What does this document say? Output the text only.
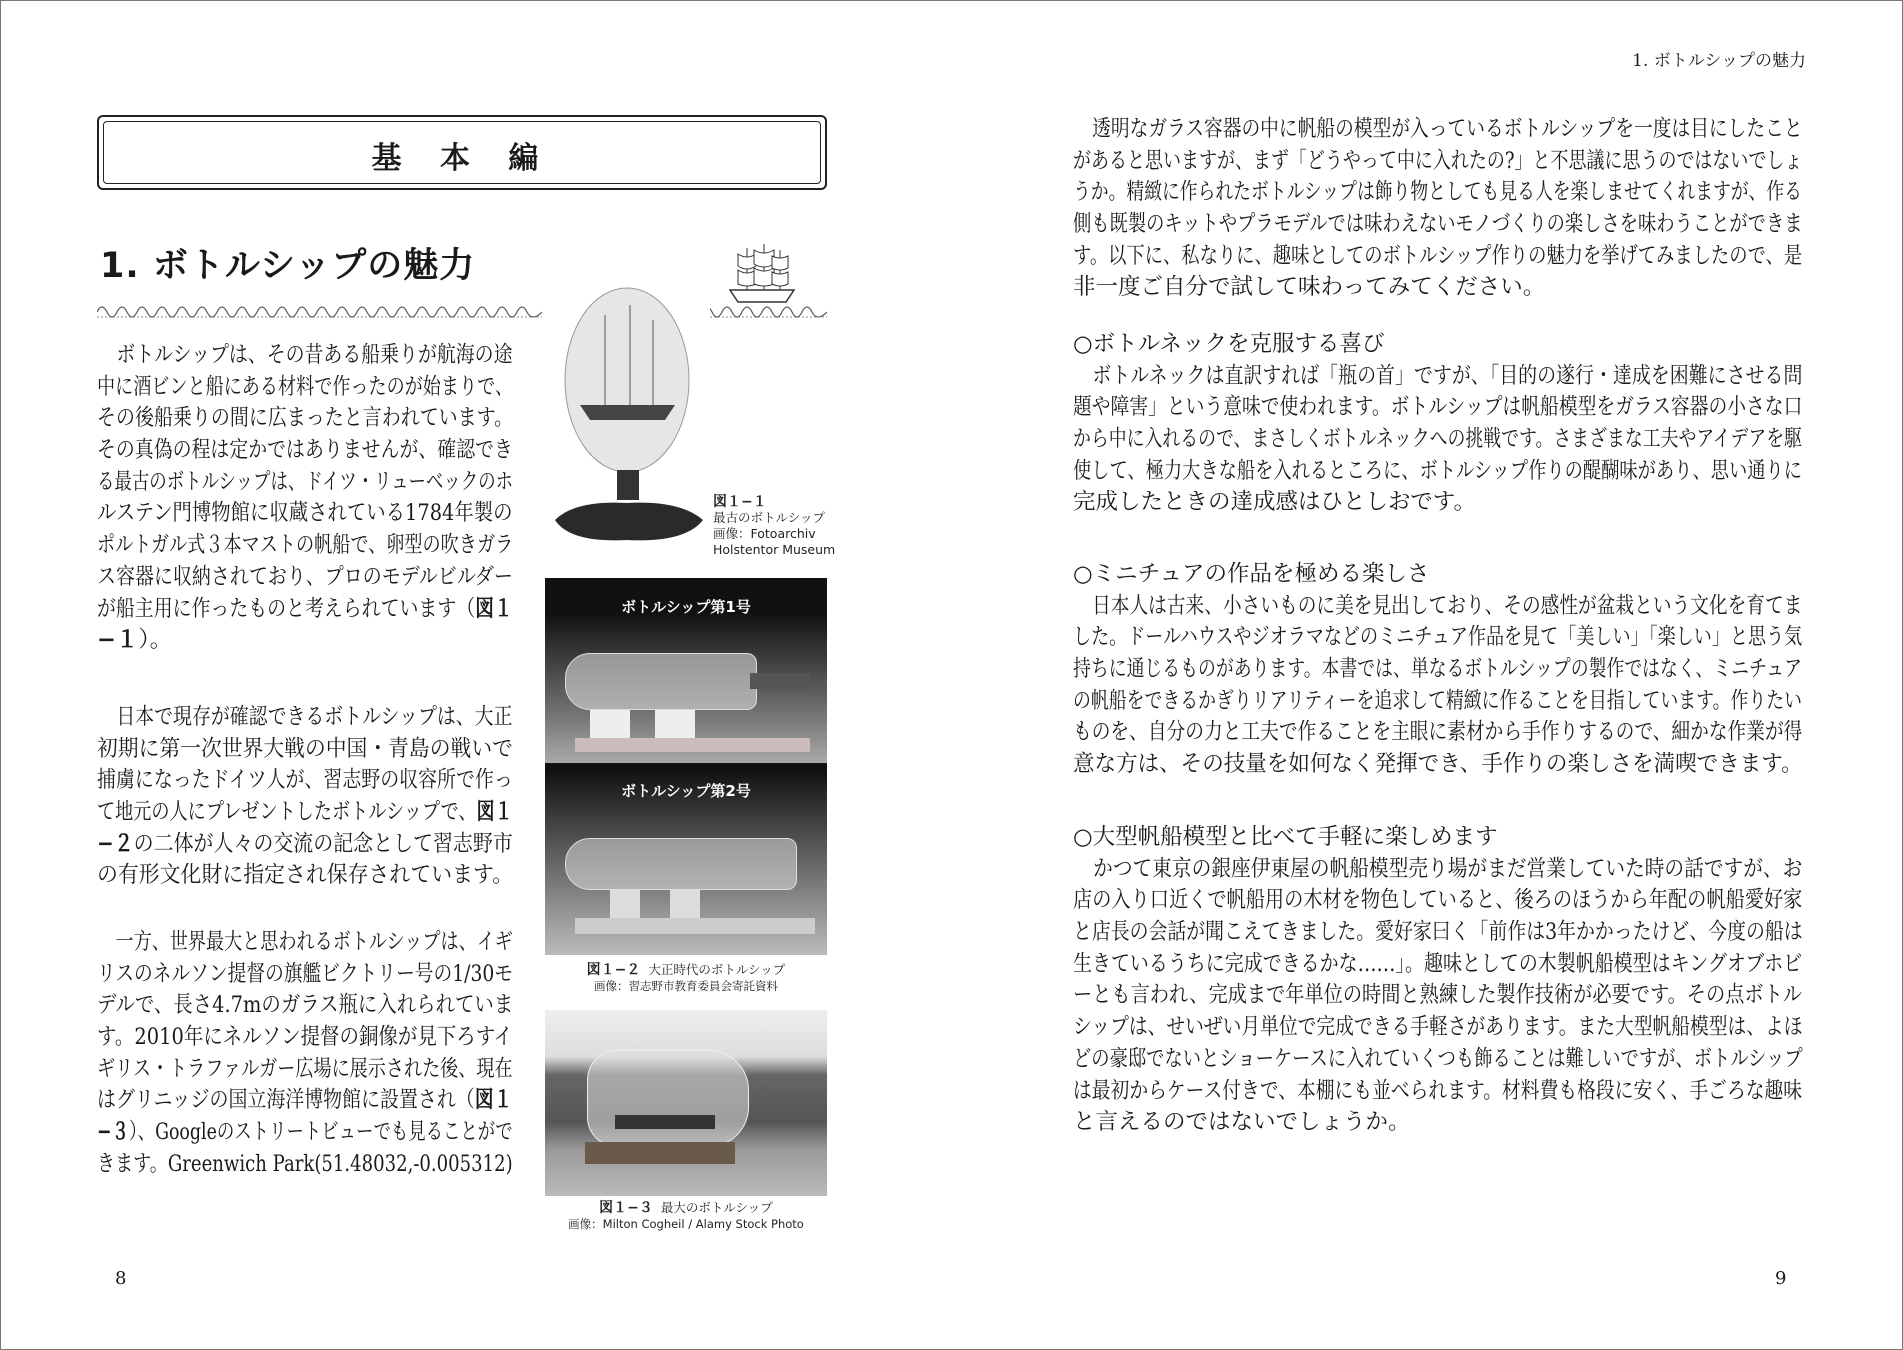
基 本 編
1. ボトルシップの魅力
ボトルシップは、その昔ある船乗りが航海の途
中に酒ビンと船にある材料で作ったのが始まりで、
その後船乗りの間に広まったと言われています。
その真偽の程は定かではありませんが、確認でき
る最古のボトルシップは、ドイツ・リューベックのホ
ルステン門博物館に収蔵されている1784年製の
ポルトガル式３本マストの帆船で、卵型の吹きガラ
ス容器に収納されており、プロのモデルビルダー
が船主用に作ったものと考えられています（図１
−１）。
日本で現存が確認できるボトルシップは、大正
初期に第一次世界大戦の中国・青島の戦いで
捕虜になったドイツ人が、習志野の収容所で作っ
て地元の人にプレゼントしたボトルシップで、図１
−２の二体が人々の交流の記念として習志野市
の有形文化財に指定され保存されています。
一方、世界最大と思われるボトルシップは、イギ
リスのネルソン提督の旗艦ビクトリー号の1/30モ
デルで、長さ4.7mのガラス瓶に入れられていま
す。2010年にネルソン提督の銅像が見下ろすイ
ギリス・トラファルガー広場に展示された後、現在
はグリニッジの国立海洋博物館に設置され（図１
−３）、Googleのストリートビューでも見ることがで
きます。Greenwich Park(51.48032,-0.005312)
図１−１
最古のボトルシップ
画像：Fotoarchiv
Holstentor Museum
ボトルシップ第1号
ボトルシップ第2号
図１−２ 大正時代のボトルシップ
画像：習志野市教育委員会寄託資料
図１−３ 最大のボトルシップ
画像：Milton Cogheil / Alamy Stock Photo
8
1. ボトルシップの魅力
透明なガラス容器の中に帆船の模型が入っているボトルシップを一度は目にしたこと
があると思いますが、まず「どうやって中に入れたの?」と不思議に思うのではないでしょ
うか。精緻に作られたボトルシップは飾り物としても見る人を楽しませてくれますが、作る
側も既製のキットやプラモデルでは味わえないモノづくりの楽しさを味わうことができま
す。以下に、私なりに、趣味としてのボトルシップ作りの魅力を挙げてみましたので、是
非一度ご自分で試して味わってみてください。
○ボトルネックを克服する喜び
ボトルネックは直訳すれば「瓶の首」ですが、「目的の遂行・達成を困難にさせる問
題や障害」という意味で使われます。ボトルシップは帆船模型をガラス容器の小さな口
から中に入れるので、まさしくボトルネックへの挑戦です。さまざまな工夫やアイデアを駆
使して、極力大きな船を入れるところに、ボトルシップ作りの醍醐味があり、思い通りに
完成したときの達成感はひとしおです。
○ミニチュアの作品を極める楽しさ
日本人は古来、小さいものに美を見出しており、その感性が盆栽という文化を育てま
した。ドールハウスやジオラマなどのミニチュア作品を見て「美しい」「楽しい」と思う気
持ちに通じるものがあります。本書では、単なるボトルシップの製作ではなく、ミニチュア
の帆船をできるかぎりリアリティーを追求して精緻に作ることを目指しています。作りたい
ものを、自分の力と工夫で作ることを主眼に素材から手作りするので、細かな作業が得
意な方は、その技量を如何なく発揮でき、手作りの楽しさを満喫できます。
○大型帆船模型と比べて手軽に楽しめます
かつて東京の銀座伊東屋の帆船模型売り場がまだ営業していた時の話ですが、お
店の入り口近くで帆船用の木材を物色していると、後ろのほうから年配の帆船愛好家
と店長の会話が聞こえてきました。愛好家曰く「前作は3年かかったけど、今度の船は
生きているうちに完成できるかな……」。趣味としての木製帆船模型はキングオブホビ
ーとも言われ、完成まで年単位の時間と熟練した製作技術が必要です。その点ボトル
シップは、せいぜい月単位で完成できる手軽さがあります。また大型帆船模型は、よほ
どの豪邸でないとショーケースに入れていくつも飾ることは難しいですが、ボトルシップ
は最初からケース付きで、本棚にも並べられます。材料費も格段に安く、手ごろな趣味
と言えるのではないでしょうか。
9
